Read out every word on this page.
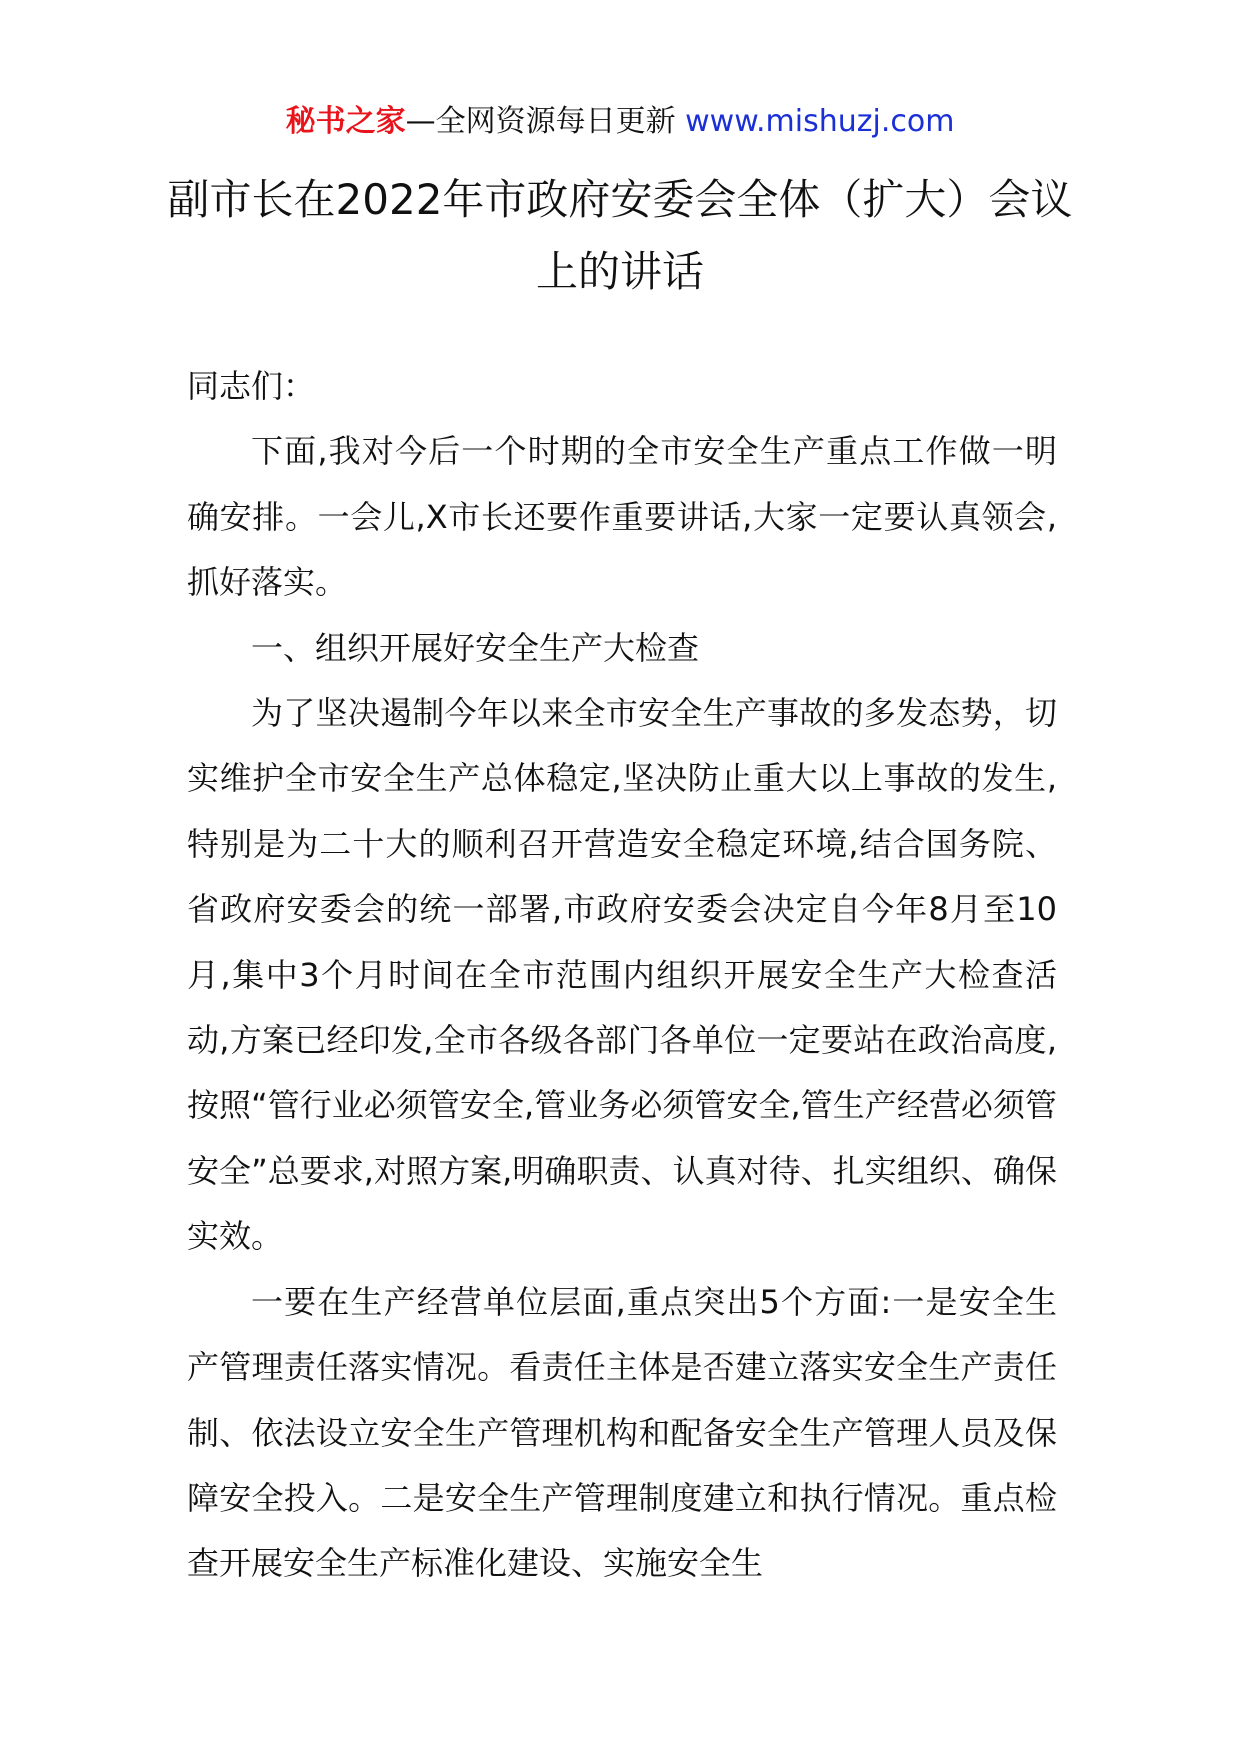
秘书之家—全网资源每日更新 www.mishuzj.com
副市长在2022年市政府安委会全体（扩大）会议上的讲话

同志们：

下面,我对今后一个时期的全市安全生产重点工作做一明确安排。一会儿,X市长还要作重要讲话,大家一定要认真领会,抓好落实。

一、组织开展好安全生产大检查

为了坚决遏制今年以来全市安全生产事故的多发态势，切实维护全市安全生产总体稳定,坚决防止重大以上事故的发生,特别是为二十大的顺利召开营造安全稳定环境,结合国务院、省政府安委会的统一部署,市政府安委会决定自今年8月至10月,集中3个月时间在全市范围内组织开展安全生产大检查活动,方案已经印发,全市各级各部门各单位一定要站在政治高度,按照“管行业必须管安全,管业务必须管安全,管生产经营必须管安全”总要求,对照方案,明确职责、认真对待、扎实组织、确保实效。

一要在生产经营单位层面,重点突出5个方面:一是安全生产管理责任落实情况。看责任主体是否建立落实安全生产责任制、依法设立安全生产管理机构和配备安全生产管理人员及保障安全投入。二是安全生产管理制度建立和执行情况。重点检查开展安全生产标准化建设、实施安全生
